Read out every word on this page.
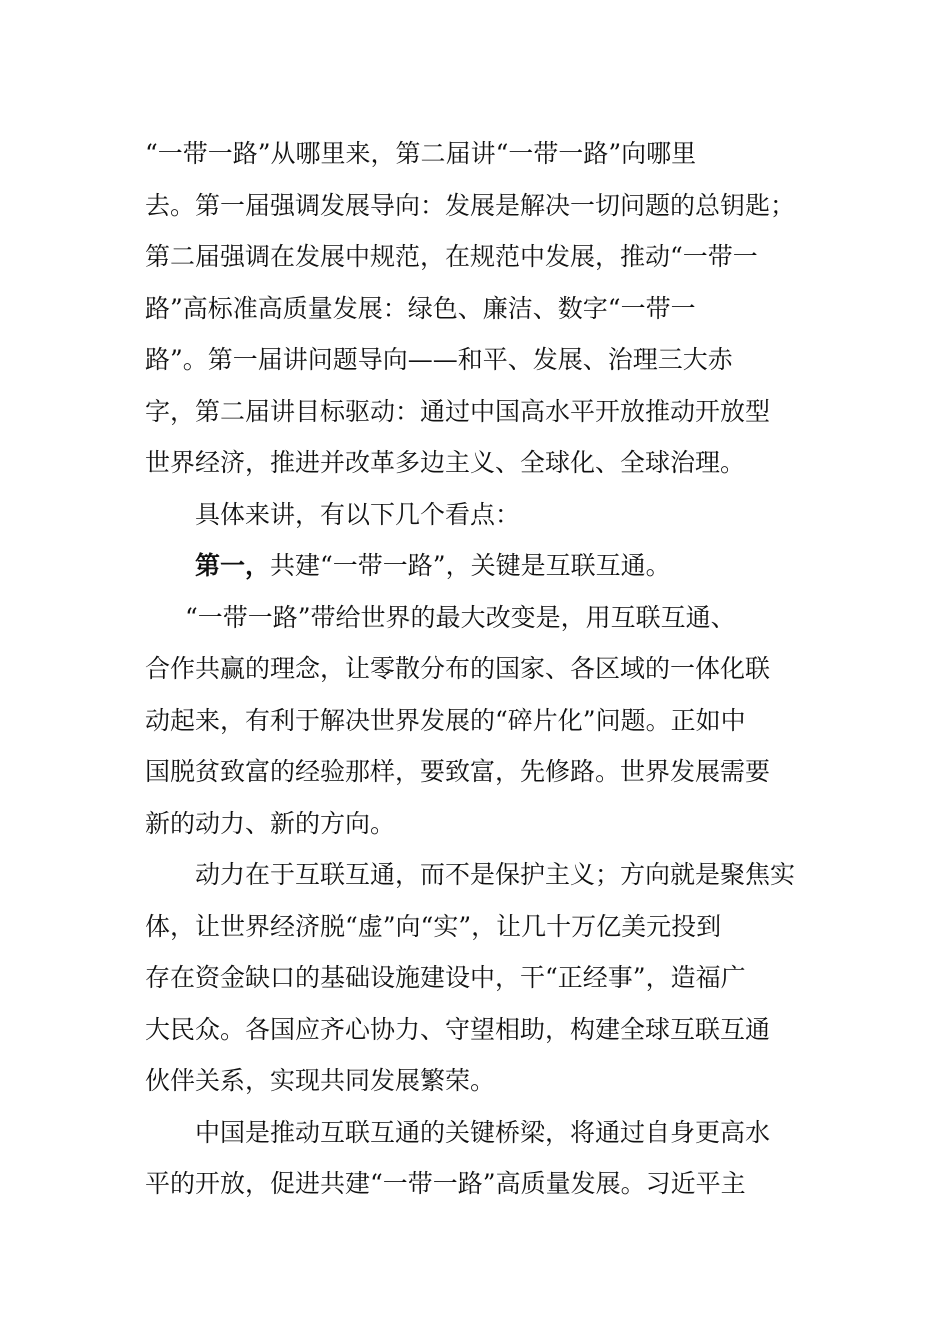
“一带一路”从哪里来，第二届讲“一带一路”向哪里
去。第一届强调发展导向：发展是解决一切问题的总钥匙；
第二届强调在发展中规范，在规范中发展，推动“一带一
路”高标准高质量发展：绿色、廉洁、数字“一带一
路”。第一届讲问题导向——和平、发展、治理三大赤
字，第二届讲目标驱动：通过中国高水平开放推动开放型
世界经济，推进并改革多边主义、全球化、全球治理。
具体来讲，有以下几个看点：
第一，共建“一带一路”，关键是互联互通。
“一带一路”带给世界的最大改变是，用互联互通、
合作共赢的理念，让零散分布的国家、各区域的一体化联
动起来，有利于解决世界发展的“碎片化”问题。正如中
国脱贫致富的经验那样，要致富，先修路。世界发展需要
新的动力、新的方向。
动力在于互联互通，而不是保护主义；方向就是聚焦实
体，让世界经济脱“虚”向“实”，让几十万亿美元投到
存在资金缺口的基础设施建设中，干“正经事”，造福广
大民众。各国应齐心协力、守望相助，构建全球互联互通
伙伴关系，实现共同发展繁荣。
中国是推动互联互通的关键桥梁，将通过自身更高水
平的开放，促进共建“一带一路”高质量发展。习近平主
